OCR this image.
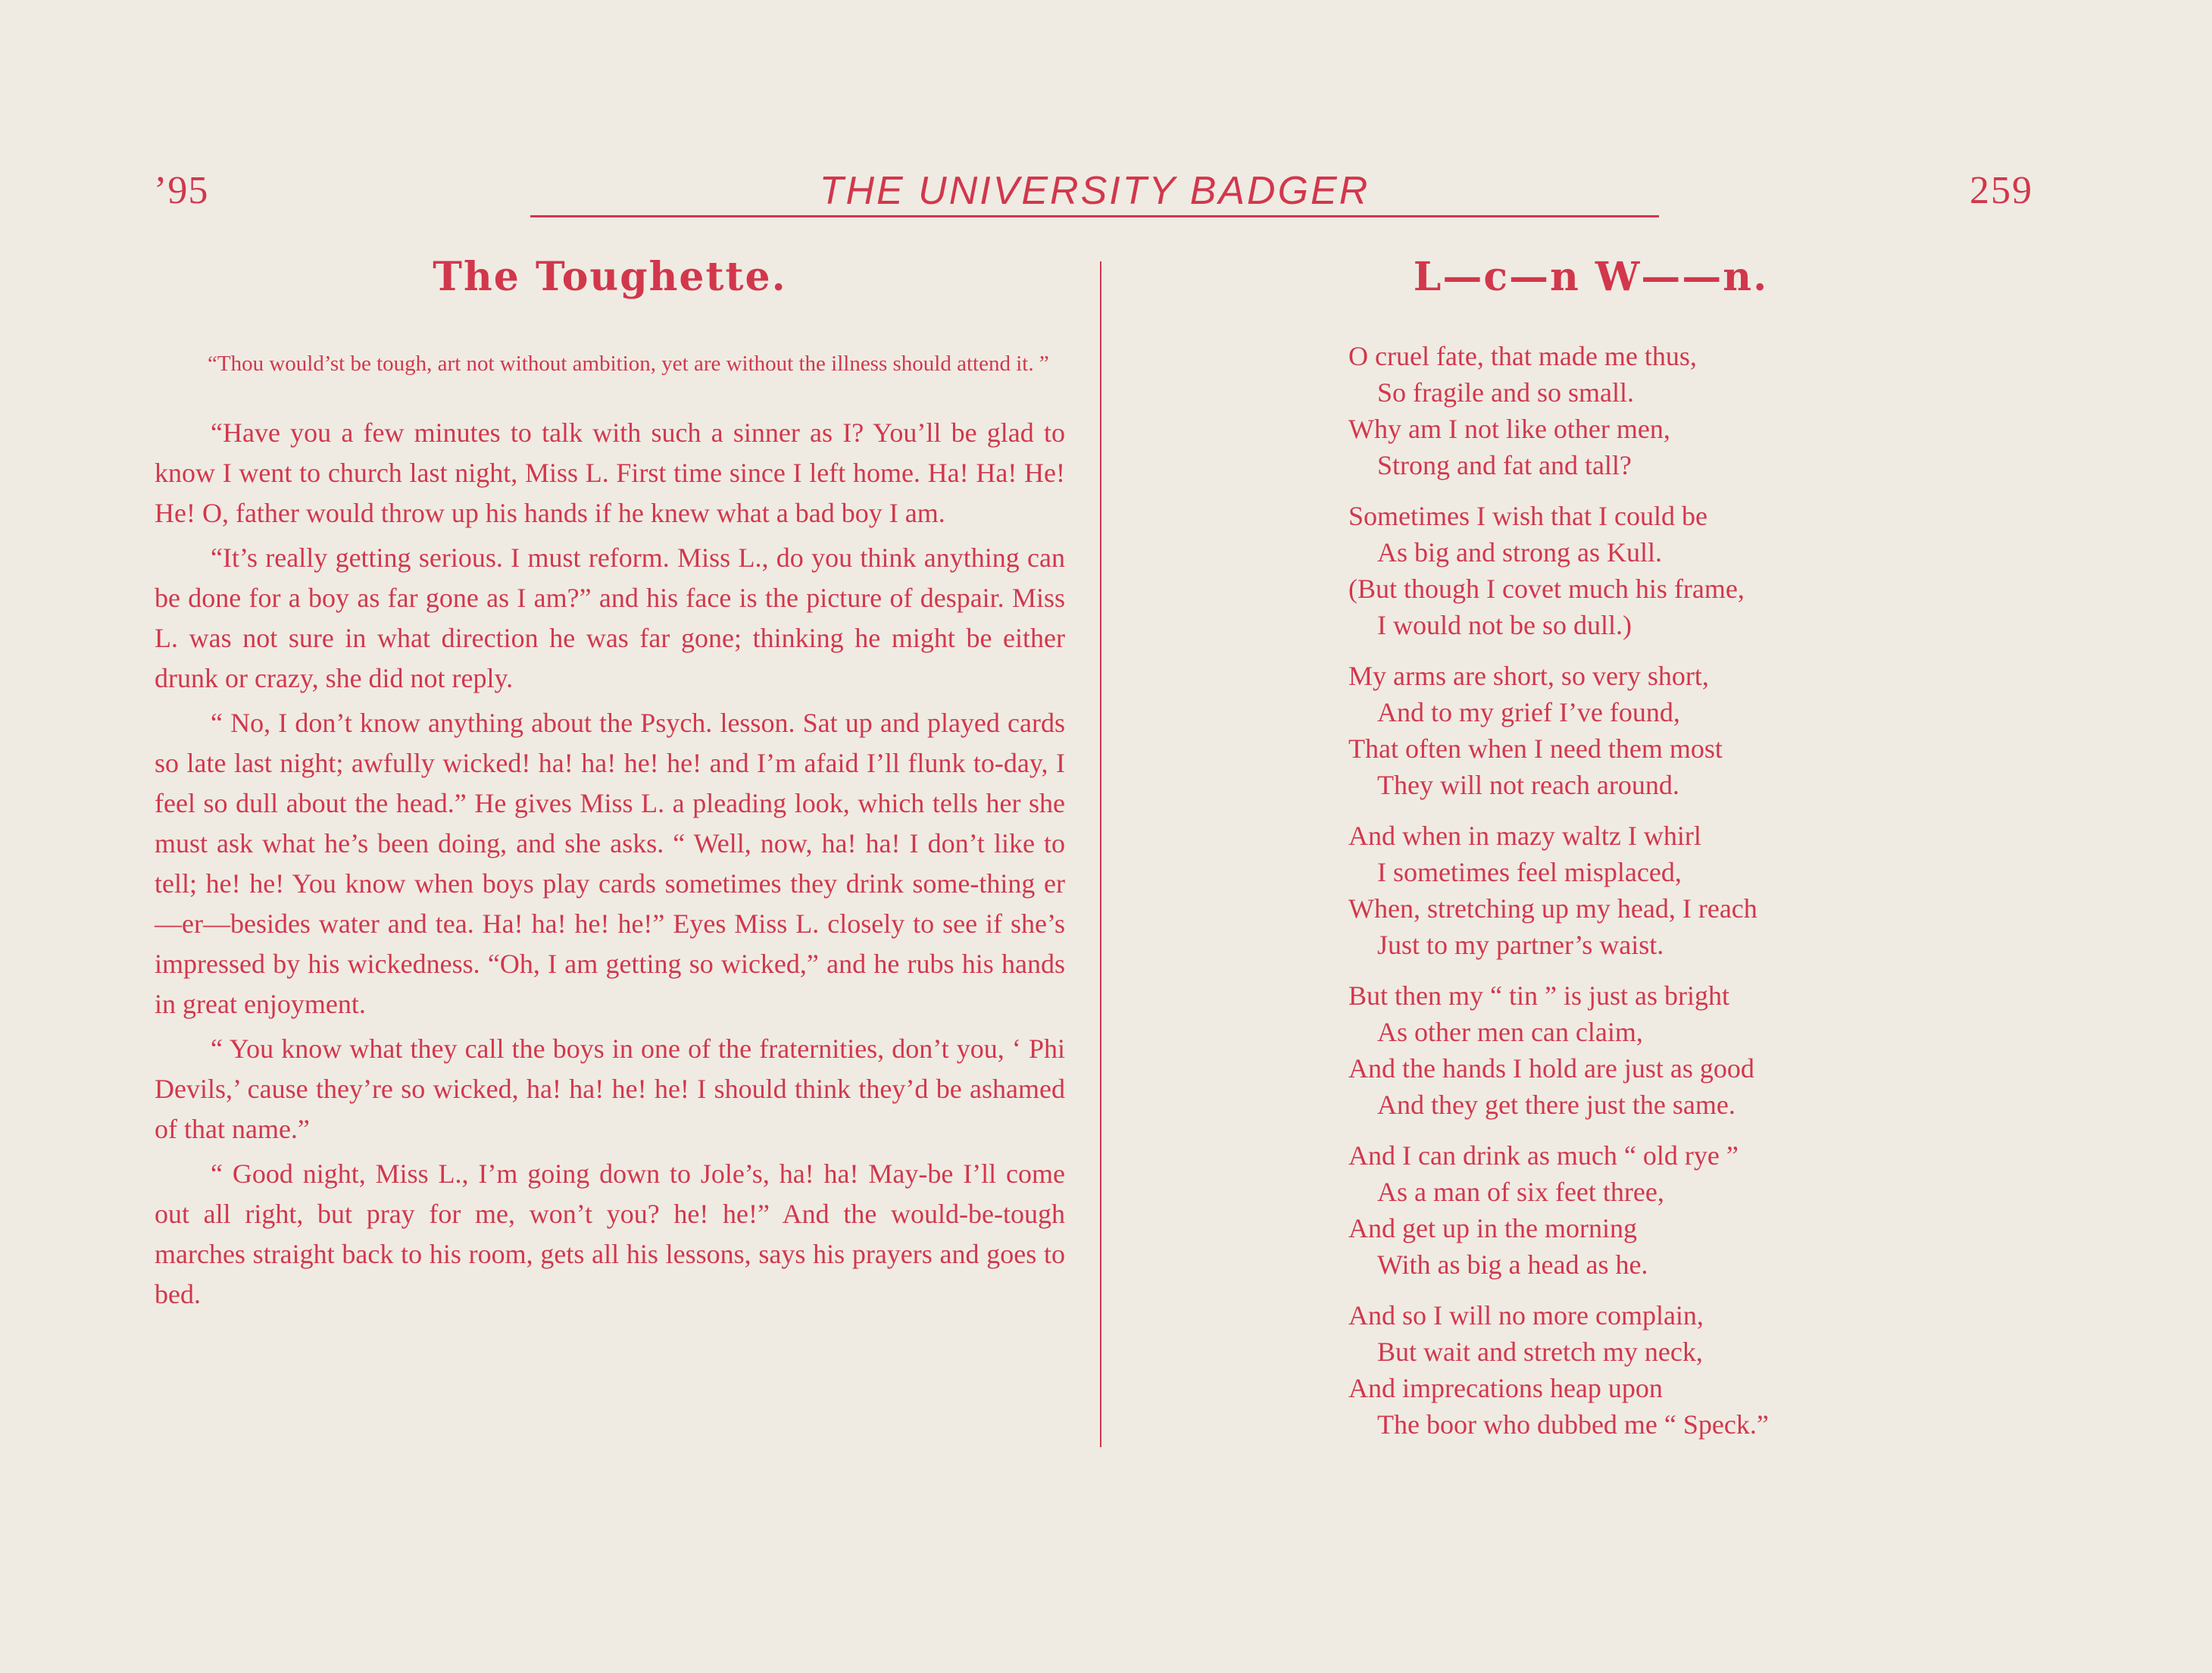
’95	THE UNIVERSITY BADGER	259
The Toughette.
“Thou would’st be tough, art not without ambition, yet are without the illness should attend it. ”

“Have you a few minutes to talk with such a sinner as I? You’ll be glad to know I went to church last night, Miss L. First time since I left home. Ha! Ha! He! He! O, father would throw up his hands if he knew what a bad boy I am.

“It’s really getting serious. I must reform. Miss L., do you think anything can be done for a boy as far gone as I am?” and his face is the picture of despair. Miss L. was not sure in what direction he was far gone; thinking he might be either drunk or crazy, she did not reply.

“ No, I don’t know anything about the Psych. lesson. Sat up and played cards so late last night; awfully wicked! ha! ha! he! he! and I’m afaid I’ll flunk to-day, I feel so dull about the head.” He gives Miss L. a pleading look, which tells her she must ask what he’s been doing, and she asks. “ Well, now, ha! ha! I don’t like to tell; he! he! You know when boys play cards sometimes they drink some-thing er—er—besides water and tea. Ha! ha! he! he!” Eyes Miss L. closely to see if she’s impressed by his wickedness. “Oh, I am getting so wicked,” and he rubs his hands in great enjoyment.

“ You know what they call the boys in one of the fraternities, don’t you, ‘ Phi Devils,’ cause they’re so wicked, ha! ha! he! he! I should think they’d be ashamed of that name.”

“ Good night, Miss L., I’m going down to Jole’s, ha! ha! May-be I’ll come out all right, but pray for me, won’t you? he! he!” And the would-be-tough marches straight back to his room, gets all his lessons, says his prayers and goes to bed.

L—c—n W——n.
O cruel fate, that made me thus,
So fragile and so small.
Why am I not like other men,
Strong and fat and tall?
Sometimes I wish that I could be
As big and strong as Kull.
(But though I covet much his frame,
I would not be so dull.)
My arms are short, so very short,
And to my grief I’ve found,
That often when I need them most
They will not reach around.
And when in mazy waltz I whirl
I sometimes feel misplaced,
When, stretching up my head, I reach
Just to my partner’s waist.
But then my “ tin ” is just as bright
As other men can claim,
And the hands I hold are just as good
And they get there just the same.
And I can drink as much “ old rye ”
As a man of six feet three,
And get up in the morning
With as big a head as he.
And so I will no more complain,
But wait and stretch my neck,
And imprecations heap upon
The boor who dubbed me “ Speck.”
